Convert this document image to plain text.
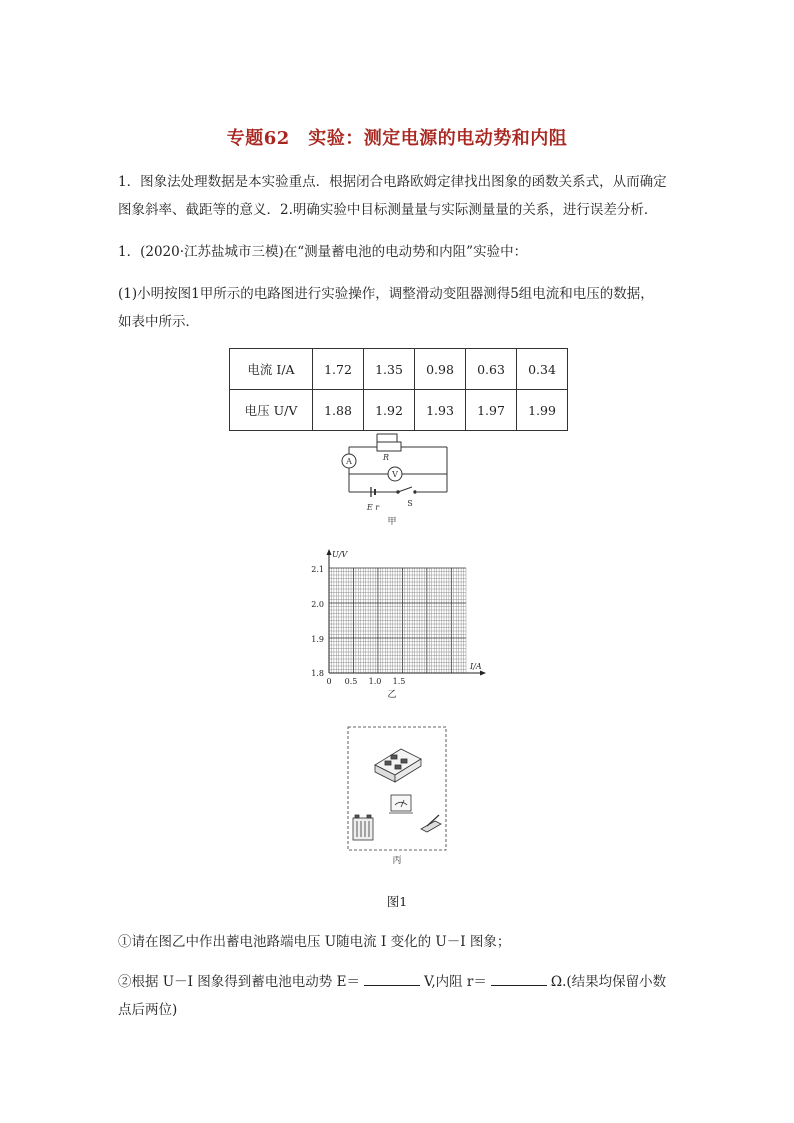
专题62　实验：测定电源的电动势和内阻
1．图象法处理数据是本实验重点．根据闭合电路欧姆定律找出图象的函数关系式，从而确定
图象斜率、截距等的意义．2.明确实验中目标测量量与实际测量量的关系，进行误差分析．
1．(2020·江苏盐城市三模)在“测量蓄电池的电动势和内阻”实验中：
(1)小明按图1甲所示的电路图进行实验操作，调整滑动变阻器测得5组电流和电压的数据，
如表中所示．
电流 I/A	1.72	1.35	0.98	0.63	0.34
电压 U/V	1.88	1.92	1.93	1.97	1.99
R
A
V
E r	S
甲
U/V
I/A
2.1
2.0
1.9
1.8
0 0.5 1.0 1.5
乙
丙
图1
①请在图乙中作出蓄电池路端电压 U随电流 I 变化的 U－I 图象；
②根据 U－I 图象得到蓄电池电动势 E＝	V,内阻 r＝	Ω.(结果均保留小数
点后两位)
